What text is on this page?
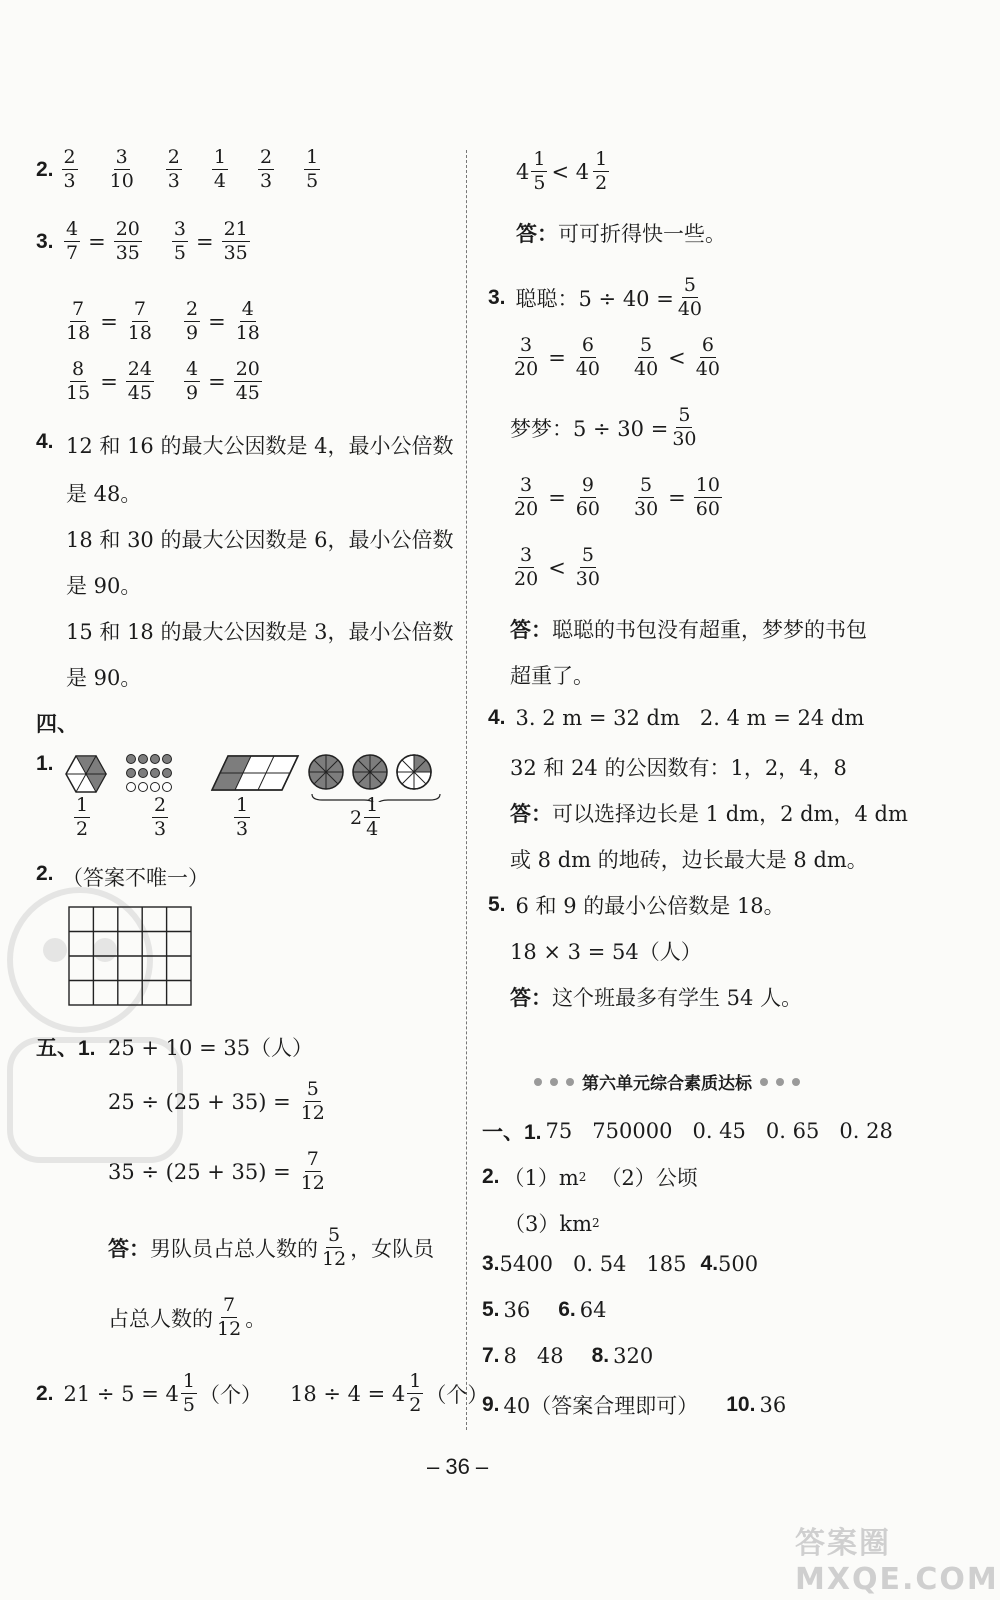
2. $\frac{2}{3} \frac{3}{10} \frac{2}{3} \frac{1}{4} \frac{2}{3} \frac{1}{5}$
3. $\frac{4}{7} = \frac{20}{35} \frac{3}{5} = \frac{21}{35}$
$\frac{7}{18} = \frac{7}{18} \frac{2}{9} = \frac{4}{18}$
$\frac{8}{15} = \frac{24}{45} \frac{4}{9} = \frac{20}{45}$
4. 12 和 16 的最大公因数是 4，最小公倍数
是 48。
18 和 30 的最大公因数是 6，最小公倍数
是 90。
15 和 18 的最大公因数是 3，最小公倍数
是 90。
四、
1.
$\frac{1}{2}$	$\frac{2}{3}$	$\frac{1}{3}$	2
1
4
2. （答案不唯一）
五、1. 25 + 10 = 35（人）
$25 \div (25 + 35) = \frac{5}{12}$
$35 \div (25 + 35) = \frac{7}{12}$
答： 男队员占总人数的
5
12 ，女队员
占总人数的
7
12 。
2. 21 ÷ 5 = 4
1
5 （个） 18 ÷ 4 = 4
1
2 （个）
4
1
5 < 4
1
2
答： 可可折得快一些。
3. 聪聪：$5 \div 40 = \frac{5}{40}$
$\frac{3}{20} = \frac{6}{40} \frac{5}{40} < \frac{6}{40}$
梦梦：$5 \div 30 = \frac{5}{30}$
$\frac{3}{20} = \frac{9}{60} \frac{5}{30} = \frac{10}{60}$
$\frac{3}{20} < \frac{5}{30}$
答： 聪聪的书包没有超重，梦梦的书包
超重了。
4. 3. 2 m = 32 dm   2. 4 m = 24 dm
32 和 24 的公因数有：1，2，4，8
答： 可以选择边长是 1 dm，2 dm，4 dm
或 8 dm 的地砖，边长最大是 8 dm。
5. 6 和 9 的最小公倍数是 18。
18 × 3 = 54（人）
答： 这个班最多有学生 54 人。
第六单元综合素质达标
一、1. 75   750000   0. 45   0. 65   0. 28
2. （1）m 2 （2）公顷
（3）km 2
3. 5400   0. 54   185 4. 500
5. 36 6. 64
7. 8   48 8. 320
9. 40（答案合理即可） 10. 36
– 36 –
答案圈 MXQE.COM
